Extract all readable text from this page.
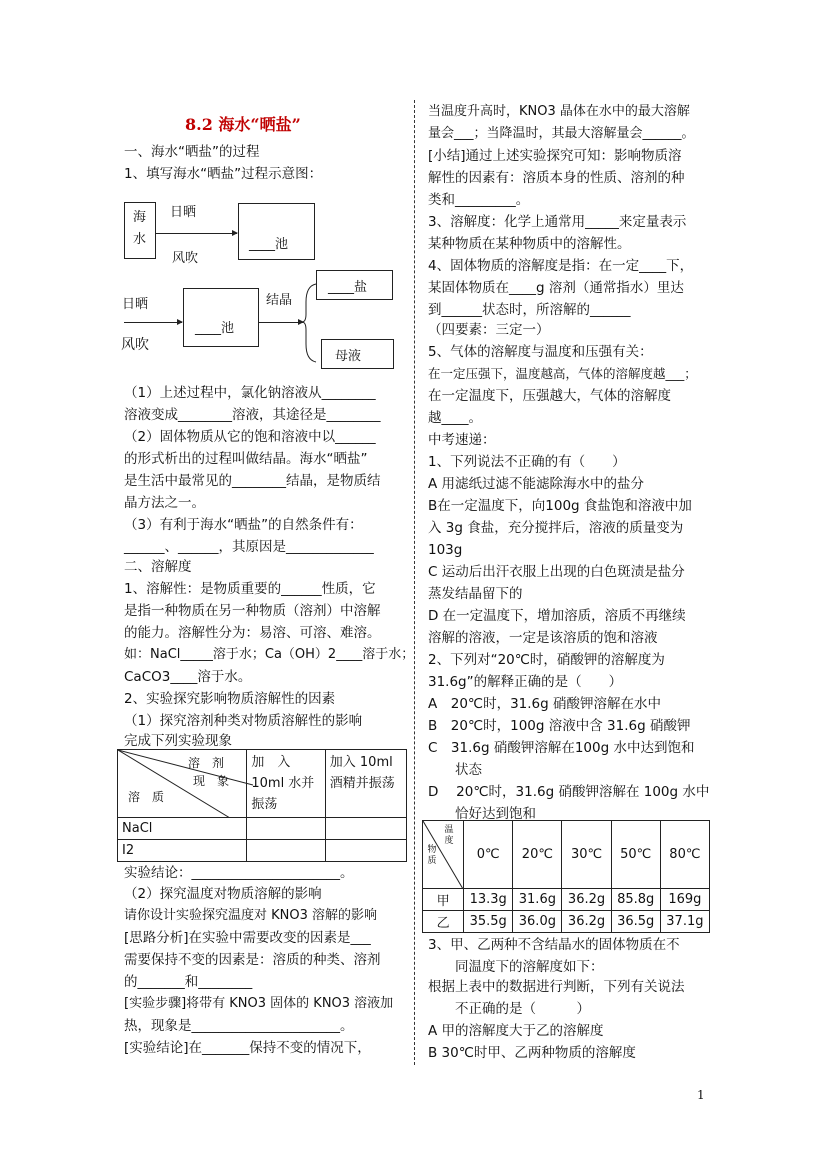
8.2 海水“晒盐”
一、海水“晒盐”的过程
1、填写海水“晒盐”过程示意图：
海
水
日晒
风吹
____池
日晒
风吹
____池
结晶
____盐
母液
（1）上述过程中，氯化钠溶液从________
溶液变成________溶液，其途径是________
（2）固体物质从它的饱和溶液中以______
的形式析出的过程叫做结晶。海水“晒盐”
是生活中最常见的________结晶，是物质结
晶方法之一。
（3）有利于海水“晒盐”的自然条件有：
______、______，其原因是_____________
二、溶解度
1、溶解性：是物质重要的______性质，它
是指一种物质在另一种物质（溶剂）中溶解
的能力。溶解性分为：易溶、可溶、难溶。
如：NaCl_____溶于水；Ca（OH）2____溶于水；
CaCO3____溶于水。
2、实验探究影响物质溶解性的因素
（1）探究溶剂种类对物质溶解性的影响
完成下列实验现象
溶　剂
现　象
溶　质	加　入 10ml 水并振荡	加入 10ml 酒精并振荡
NaCl		
I2		
实验结论：______________________。
（2）探究温度对物质溶解的影响
请你设计实验探究温度对 KNO3 溶解的影响
[思路分析]在实验中需要改变的因素是___
需要保持不变的因素是：溶质的种类、溶剂
的_______和________
[实验步骤]将带有 KNO3 固体的 KNO3 溶液加
热，现象是______________________。
[实验结论]在_______保持不变的情况下，
当温度升高时，KNO3 晶体在水中的最大溶解
量会___；当降温时，其最大溶解量会______。
[小结]通过上述实验探究可知：影响物质溶
解性的因素有：溶质本身的性质、溶剂的种
类和_________。
3、溶解度：化学上通常用_____来定量表示
某种物质在某种物质中的溶解性。
4、固体物质的溶解度是指：在一定____下，
某固体物质在____g 溶剂（通常指水）里达
到______状态时，所溶解的______
（四要素：三定一）
5、气体的溶解度与温度和压强有关：
在一定压强下，温度越高，气体的溶解度越___；
在一定温度下，压强越大，气体的溶解度
越____。
中考速递：
1、下列说法不正确的有（　　）
A 用滤纸过滤不能滤除海水中的盐分
B在一定温度下，向100g 食盐饱和溶液中加
入 3g 食盐，充分搅拌后，溶液的质量变为
103g
C 运动后出汗衣服上出现的白色斑渍是盐分
蒸发结晶留下的
D 在一定温度下，增加溶质，溶质不再继续
溶解的溶液，一定是该溶质的饱和溶液
2、下列对“20℃时，硝酸钾的溶解度为
31.6g”的解释正确的是（　　）
A　20℃时，31.6g 硝酸钾溶解在水中
B　20℃时，100g 溶液中含 31.6g 硝酸钾
C　31.6g 硝酸钾溶解在100g 水中达到饱和
　　状态
D　 20℃时，31.6g 硝酸钾溶解在 100g 水中
　　恰好达到饱和
温度
物质	0℃	20℃	30℃	50℃	80℃
甲	13.3g	31.6g	36.2g	85.8g	169g
乙	35.5g	36.0g	36.2g	36.5g	37.1g
3、甲、乙两种不含结晶水的固体物质在不
　　同温度下的溶解度如下：
根据上表中的数据进行判断，下列有关说法
　　不正确的是（　　　）
A 甲的溶解度大于乙的溶解度
B 30℃时甲、乙两种物质的溶解度
1
